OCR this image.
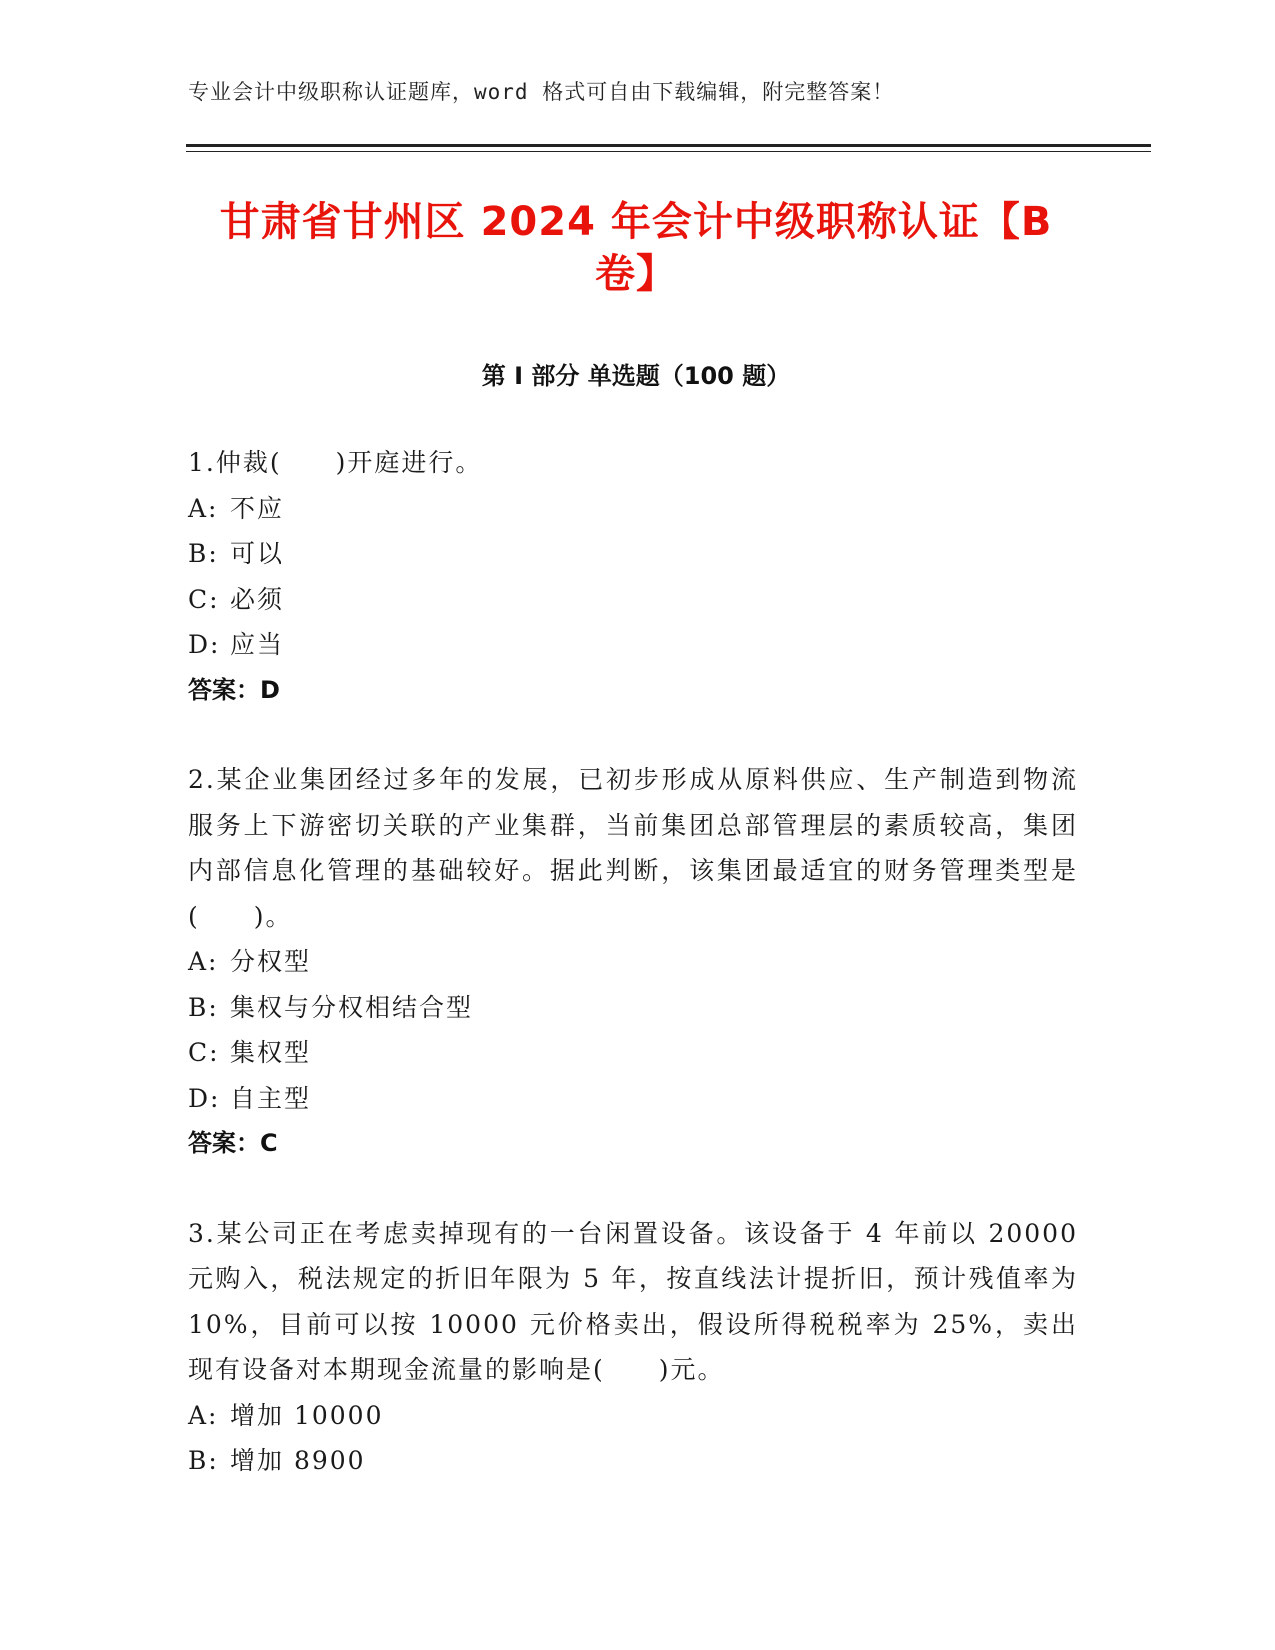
专业会计中级职称认证题库，word 格式可自由下载编辑，附完整答案！
甘肃省甘州区 2024 年会计中级职称认证【B 卷】
第 I 部分 单选题（100 题）
1.仲裁(　　)开庭进行。
A: 不应
B: 可以
C: 必须
D: 应当
答案：D
2.某企业集团经过多年的发展，已初步形成从原料供应、生产制造到物流服务上下游密切关联的产业集群，当前集团总部管理层的素质较高，集团内部信息化管理的基础较好。据此判断，该集团最适宜的财务管理类型是(　　)。
A: 分权型
B: 集权与分权相结合型
C: 集权型
D: 自主型
答案：C
3.某公司正在考虑卖掉现有的一台闲置设备。该设备于 4 年前以 20000 元购入，税法规定的折旧年限为 5 年，按直线法计提折旧，预计残值率为 10%，目前可以按 10000 元价格卖出，假设所得税税率为 25%，卖出现有设备对本期现金流量的影响是(　　)元。
A: 增加 10000
B: 增加 8900
